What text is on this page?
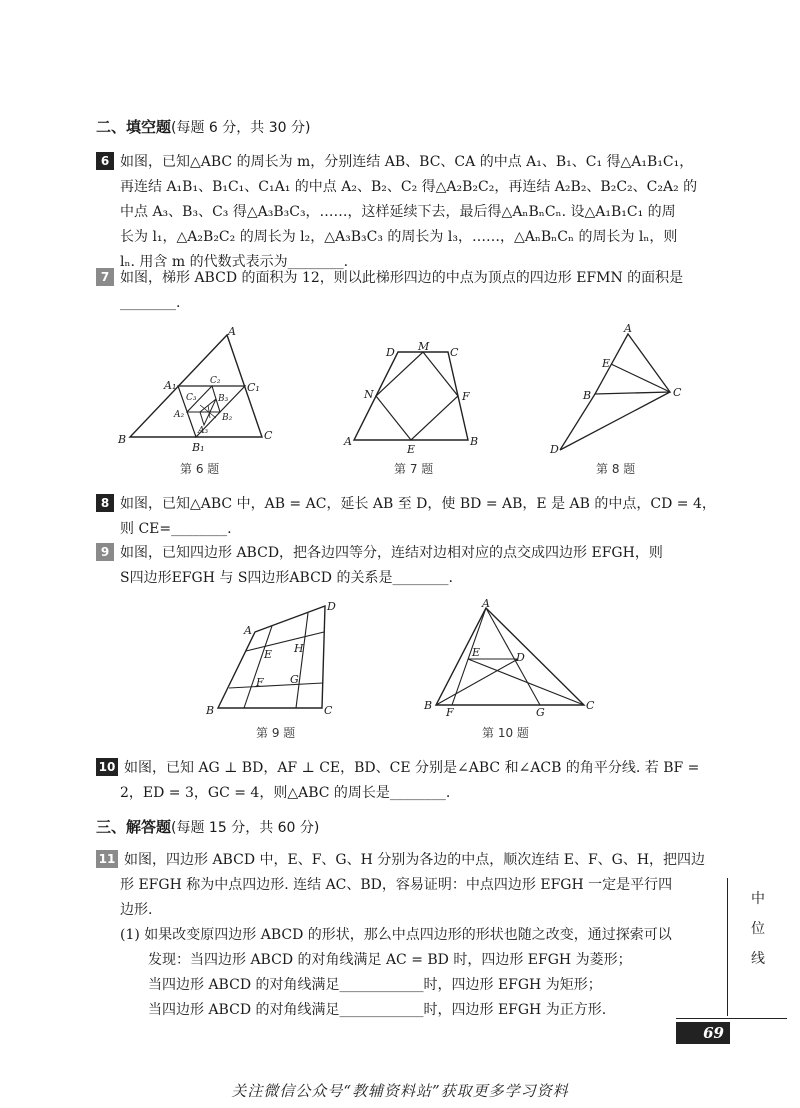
二、填空题(每题 6 分，共 30 分)
6 如图，已知△ABC 的周长为 m，分别连结 AB、BC、CA 的中点 A₁、B₁、C₁ 得△A₁B₁C₁，
再连结 A₁B₁、B₁C₁、C₁A₁ 的中点 A₂、B₂、C₂ 得△A₂B₂C₂，再连结 A₂B₂、B₂C₂、C₂A₂ 的
中点 A₃、B₃、C₃ 得△A₃B₃C₃，……，这样延续下去，最后得△AₙBₙCₙ. 设△A₁B₁C₁ 的周
长为 l₁，△A₂B₂C₂ 的周长为 l₂，△A₃B₃C₃ 的周长为 l₃，……，△AₙBₙCₙ 的周长为 lₙ，则
lₙ. 用含 m 的代数式表示为________.
7 如图，梯形 ABCD 的面积为 12，则以此梯形四边的中点为顶点的四边形 EFMN 的面积是
________.
A
B	C
A₁
B₁
C₁
A₂	B₂
C₂
A₃
B₃
C₃
第 6 题
D M C
N	F
A
E
B
第 7 题
A
E
B	C
D
第 8 题
8 如图，已知△ABC 中，AB = AC，延长 AB 至 D，使 BD = AB，E 是 AB 的中点，CD = 4，
则 CE=________.
9 如图，已知四边形 ABCD，把各边四等分，连结对边相对应的点交成四边形 EFGH，则
S四边形EFGH 与 S四边形ABCD 的关系是________.
A
D
B	C
E H
F G
第 9 题
A
E	D
B
F	G
C
第 10 题
10 如图，已知 AG ⊥ BD，AF ⊥ CE，BD、CE 分别是∠ABC 和∠ACB 的角平分线. 若 BF =
2，ED = 3，GC = 4，则△ABC 的周长是________.
三、解答题(每题 15 分，共 60 分)
11 如图，四边形 ABCD 中，E、F、G、H 分别为各边的中点，顺次连结 E、F、G、H，把四边
形 EFGH 称为中点四边形. 连结 AC、BD，容易证明：中点四边形 EFGH 一定是平行四
边形.
(1) 如果改变原四边形 ABCD 的形状，那么中点四边形的形状也随之改变，通过探索可以
发现：当四边形 ABCD 的对角线满足 AC = BD 时，四边形 EFGH 为菱形；
当四边形 ABCD 的对角线满足____________时，四边形 EFGH 为矩形；
当四边形 ABCD 的对角线满足____________时，四边形 EFGH 为正方形.
中
位
线
69
关注微信公众号“教辅资料站”获取更多学习资料
